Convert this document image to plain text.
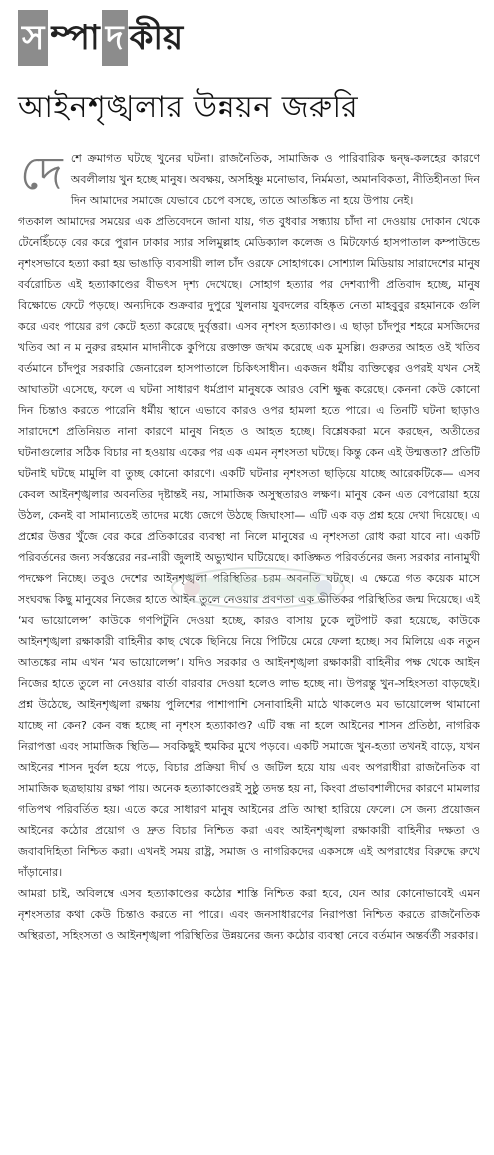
স ম্পা দ কীয়
আইনশৃঙ্খলার উন্নয়ন জরুরি
দে শে ক্রমাগত ঘটছে খুনের ঘটনা। রাজনৈতিক, সামাজিক ও পারিবারিক দ্বন্দ্ব-কলহের কারণে অবলীলায় খুন হচ্ছে মানুষ। অবক্ষয়, অসহিষ্ণু মনোভাব, নির্মমতা, অমানবিকতা, নীতিহীনতা দিন দিন আমাদের সমাজে যেভাবে চেপে বসছে, তাতে আতঙ্কিত না হয়ে উপায় নেই।

গতকাল আমাদের সময়ের এক প্রতিবেদনে জানা যায়, গত বুধবার সন্ধ্যায় চাঁদা না দেওয়ায় দোকান থেকে টেনেহিঁচড়ে বের করে পুরান ঢাকার স্যার সলিমুল্লাহ মেডিক্যাল কলেজ ও মিটফোর্ড হাসপাতাল কম্পাউন্ডে নৃশংসভাবে হত্যা করা হয় ভাঙাড়ি ব্যবসায়ী লাল চাঁদ ওরফে সোহাগকে। সোশ্যাল মিডিয়ায় সারাদেশের মানুষ বর্বরোচিত এই হত্যাকাণ্ডের বীভৎস দৃশ্য দেখেছে। সোহাগ হত্যার পর দেশব্যাপী প্রতিবাদ হচ্ছে, মানুষ বিক্ষোভে ফেটে পড়ছে। অন্যদিকে শুক্রবার দুপুরে খুলনায় যুবদলের বহিষ্কৃত নেতা মাহবুবুর রহমানকে গুলি করে এবং পায়ের রগ কেটে হত্যা করেছে দুর্বৃত্তরা। এসব নৃশংস হত্যাকাণ্ড। এ ছাড়া চাঁদপুর শহরে মসজিদের খতিব আ ন ম নুরুর রহমান মাদানীকে কুপিয়ে রক্তাক্ত জখম করেছে এক মুসল্লি। গুরুতর আহত ওই খতিব বর্তমানে চাঁদপুর সরকারি জেনারেল হাসপাতালে চিকিৎসাধীন। একজন ধর্মীয় ব্যক্তিত্বের ওপরই যখন সেই আঘাতটা এসেছে, ফলে এ ঘটনা সাধারণ ধর্মপ্রাণ মানুষকে আরও বেশি ক্ষুব্ধ করেছে। কেননা কেউ কোনো দিন চিন্তাও করতে পারেনি ধর্মীয় স্থানে এভাবে কারও ওপর হামলা হতে পারে। এ তিনটি ঘটনা ছাড়াও সারাদেশে প্রতিনিয়ত নানা কারণে মানুষ নিহত ও আহত হচ্ছে। বিশ্লেষকরা মনে করছেন, অতীতের ঘটনাগুলোর সঠিক বিচার না হওয়ায় একের পর এক এমন নৃশংসতা ঘটছে। কিন্তু কেন এই উন্মত্ততা? প্রতিটি ঘটনাই ঘটছে মামুলি বা তুচ্ছ কোনো কারণে। একটি ঘটনার নৃশংসতা ছাড়িয়ে যাচ্ছে আরেকটিকে— এসব কেবল আইনশৃঙ্খলার অবনতির দৃষ্টান্তই নয়, সামাজিক অসুস্থতারও লক্ষণ। মানুষ কেন এত বেপরোয়া হয়ে উঠল, কেনই বা সামান্যতেই তাদের মধ্যে জেগে উঠছে জিঘাংসা— এটি এক বড় প্রশ্ন হয়ে দেখা দিয়েছে। এ প্রশ্নের উত্তর খুঁজে বের করে প্রতিকারের ব্যবস্থা না নিলে মানুষের এ নৃশংসতা রোধ করা যাবে না। একটি পরিবর্তনের জন্য সর্বস্তরের নর-নারী জুলাই অভ্যুত্থান ঘটিয়েছে। কাঙ্ক্ষিত পরিবর্তনের জন্য সরকার নানামুখী পদক্ষেপ নিচ্ছে। তবুও দেশের আইনশৃঙ্খলা পরিস্থিতির চরম অবনতি ঘটছে। এ ক্ষেত্রে গত কয়েক মাসে সংঘবদ্ধ কিছু মানুষের নিজের হাতে আইন তুলে নেওয়ার প্রবণতা এক ভীতিকর পরিস্থিতির জন্ম দিয়েছে। এই ‘মব ভায়োলেন্স’ কাউকে গণপিটুনি দেওয়া হচ্ছে, কারও বাসায় ঢুকে লুটপাট করা হয়েছে, কাউকে আইনশৃঙ্খলা রক্ষাকারী বাহিনীর কাছ থেকে ছিনিয়ে নিয়ে পিটিয়ে মেরে ফেলা হচ্ছে। সব মিলিয়ে এক নতুন আতঙ্কের নাম এখন ‘মব ভায়োলেন্স’। যদিও সরকার ও আইনশৃঙ্খলা রক্ষাকারী বাহিনীর পক্ষ থেকে আইন নিজের হাতে তুলে না নেওয়ার বার্তা বারবার দেওয়া হলেও লাভ হচ্ছে না। উপরন্তু খুন-সহিংসতা বাড়ছেই। প্রশ্ন উঠেছে, আইনশৃঙ্খলা রক্ষায় পুলিশের পাশাপাশি সেনাবাহিনী মাঠে থাকলেও মব ভায়োলেন্স থামানো যাচ্ছে না কেন? কেন বন্ধ হচ্ছে না নৃশংস হত্যাকাণ্ড? এটি বন্ধ না হলে আইনের শাসন প্রতিষ্ঠা, নাগরিক নিরাপত্তা এবং সামাজিক স্থিতি— সবকিছুই হুমকির মুখে পড়বে। একটি সমাজে খুন-হত্যা তখনই বাড়ে, যখন আইনের শাসন দুর্বল হয়ে পড়ে, বিচার প্রক্রিয়া দীর্ঘ ও জটিল হয়ে যায় এবং অপরাধীরা রাজনৈতিক বা সামাজিক ছত্রছায়ায় রক্ষা পায়। অনেক হত্যাকাণ্ডেরই সুষ্ঠু তদন্ত হয় না, কিংবা প্রভাবশালীদের কারণে মামলার গতিপথ পরিবর্তিত হয়। এতে করে সাধারণ মানুষ আইনের প্রতি আস্থা হারিয়ে ফেলে। সে জন্য প্রয়োজন আইনের কঠোর প্রয়োগ ও দ্রুত বিচার নিশ্চিত করা এবং আইনশৃঙ্খলা রক্ষাকারী বাহিনীর দক্ষতা ও জবাবদিহিতা নিশ্চিত করা। এখনই সময় রাষ্ট্র, সমাজ ও নাগরিকদের একসঙ্গে এই অপরাধের বিরুদ্ধে রুখে দাঁড়ানোর।

আমরা চাই, অবিলম্বে এসব হত্যাকাণ্ডের কঠোর শাস্তি নিশ্চিত করা হবে, যেন আর কোনোভাবেই এমন নৃশংসতার কথা কেউ চিন্তাও করতে না পারে। এবং জনসাধারণের নিরাপত্তা নিশ্চিত করতে রাজনৈতিক অস্থিরতা, সহিংসতা ও আইনশৃঙ্খলা পরিস্থিতির উন্নয়নের জন্য কঠোর ব্যবস্থা নেবে বর্তমান অন্তর্বর্তী সরকার।
